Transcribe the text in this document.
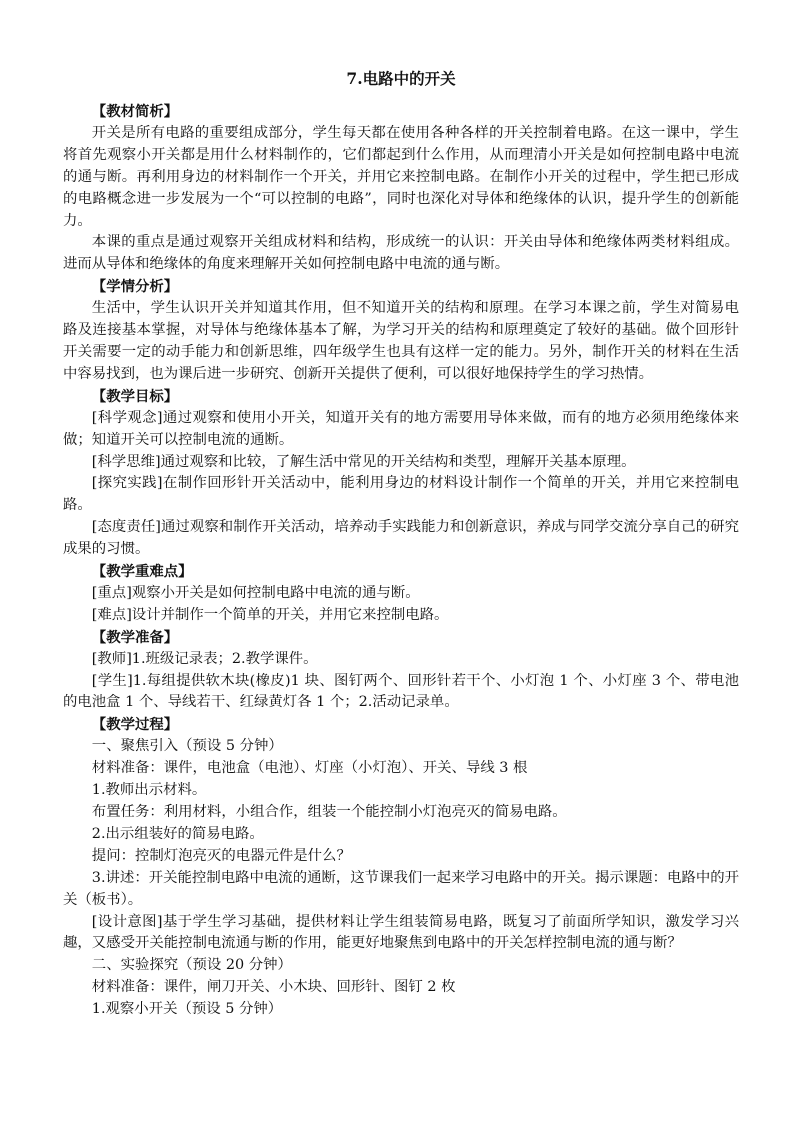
7.电路中的开关
【教材简析】
开关是所有电路的重要组成部分，学生每天都在使用各种各样的开关控制着电路。在这一课中，学生将首先观察小开关都是用什么材料制作的，它们都起到什么作用，从而理清小开关是如何控制电路中电流的通与断。再利用身边的材料制作一个开关，并用它来控制电路。在制作小开关的过程中，学生把已形成的电路概念进一步发展为一个“可以控制的电路”，同时也深化对导体和绝缘体的认识，提升学生的创新能力。
本课的重点是通过观察开关组成材料和结构，形成统一的认识：开关由导体和绝缘体两类材料组成。进而从导体和绝缘体的角度来理解开关如何控制电路中电流的通与断。
【学情分析】
生活中，学生认识开关并知道其作用，但不知道开关的结构和原理。在学习本课之前，学生对简易电路及连接基本掌握，对导体与绝缘体基本了解，为学习开关的结构和原理奠定了较好的基础。做个回形针开关需要一定的动手能力和创新思维，四年级学生也具有这样一定的能力。另外，制作开关的材料在生活中容易找到，也为课后进一步研究、创新开关提供了便利，可以很好地保持学生的学习热情。
【教学目标】
[科学观念]通过观察和使用小开关，知道开关有的地方需要用导体来做，而有的地方必须用绝缘体来做；知道开关可以控制电流的通断。
[科学思维]通过观察和比较，了解生活中常见的开关结构和类型，理解开关基本原理。
[探究实践]在制作回形针开关活动中，能利用身边的材料设计制作一个简单的开关，并用它来控制电路。
[态度责任]通过观察和制作开关活动，培养动手实践能力和创新意识，养成与同学交流分享自己的研究成果的习惯。
【教学重难点】
[重点]观察小开关是如何控制电路中电流的通与断。
[难点]设计并制作一个简单的开关，并用它来控制电路。
【教学准备】
[教师]1.班级记录表；2.教学课件。
[学生]1.每组提供软木块(橡皮)1 块、图钉两个、回形针若干个、小灯泡 1 个、小灯座 3 个、带电池的电池盒 1 个、导线若干、红绿黄灯各 1 个；2.活动记录单。
【教学过程】
一、聚焦引入（预设 5 分钟）
材料准备：课件，电池盒（电池）、灯座（小灯泡）、开关、导线 3 根
1.教师出示材料。
布置任务：利用材料，小组合作，组装一个能控制小灯泡亮灭的简易电路。
2.出示组装好的简易电路。
提问：控制灯泡亮灭的电器元件是什么？
3.讲述：开关能控制电路中电流的通断，这节课我们一起来学习电路中的开关。揭示课题：电路中的开关（板书）。
[设计意图]基于学生学习基础，提供材料让学生组装简易电路，既复习了前面所学知识，激发学习兴趣，又感受开关能控制电流通与断的作用，能更好地聚焦到电路中的开关怎样控制电流的通与断？
二、实验探究（预设 20 分钟）
材料准备：课件，闸刀开关、小木块、回形针、图钉 2 枚
1.观察小开关（预设 5 分钟）
